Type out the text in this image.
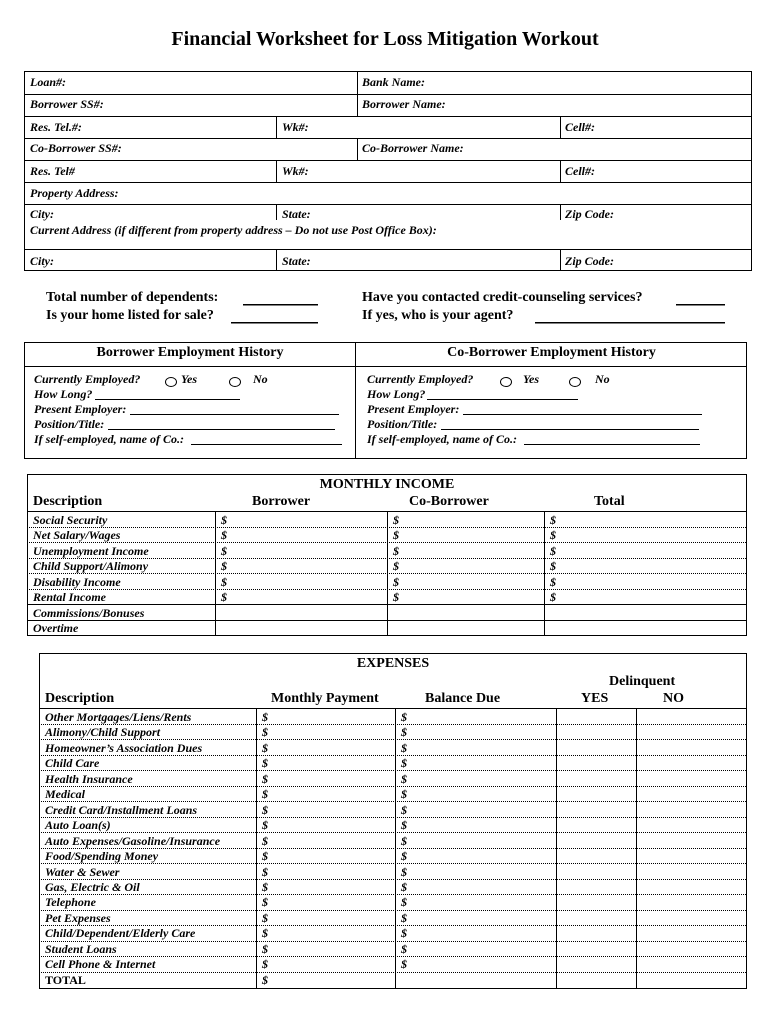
Financial Worksheet for Loss Mitigation Workout
Loan#:	Bank Name:
Borrower SS#:	Borrower Name:
Res. Tel.#:	Wk#:	Cell#:
Co-Borrower SS#:	Co-Borrower Name:
Res. Tel#	Wk#:	Cell#:
Property Address:
City:	State:	Zip Code:
Current Address (if different from property address – Do not use Post Office Box):
City:	State:	Zip Code:
Total number of dependents:
Is your home listed for sale?
Have you contacted credit-counseling services?
If yes, who is your agent?
Borrower Employment History	Co-Borrower Employment History
Currently Employed?	Yes	No
How Long?
Present Employer:
Position/Title:
If self-employed, name of Co.:
Currently Employed?	Yes	No
How Long?
Present Employer:
Position/Title:
If self-employed, name of Co.:
MONTHLY INCOME
Description	Borrower	Co-Borrower	Total
Social Security	$	$	$
Net Salary/Wages	$	$	$
Unemployment Income	$	$	$
Child Support/Alimony	$	$	$
Disability Income	$	$	$
Rental Income	$	$	$
Commissions/Bonuses
Overtime
EXPENSES
Delinquent
Description	Monthly Payment	Balance Due	YES	NO
Other Mortgages/Liens/Rents	$	$
Alimony/Child Support	$	$
Homeowner’s Association Dues	$	$
Child Care	$	$
Health Insurance	$	$
Medical	$	$
Credit Card/Installment Loans	$	$
Auto Loan(s)	$	$
Auto Expenses/Gasoline/Insurance	$	$
Food/Spending Money	$	$
Water & Sewer	$	$
Gas, Electric & Oil	$	$
Telephone	$	$
Pet Expenses	$	$
Child/Dependent/Elderly Care	$	$
Student Loans	$	$
Cell Phone & Internet	$	$
TOTAL	$
